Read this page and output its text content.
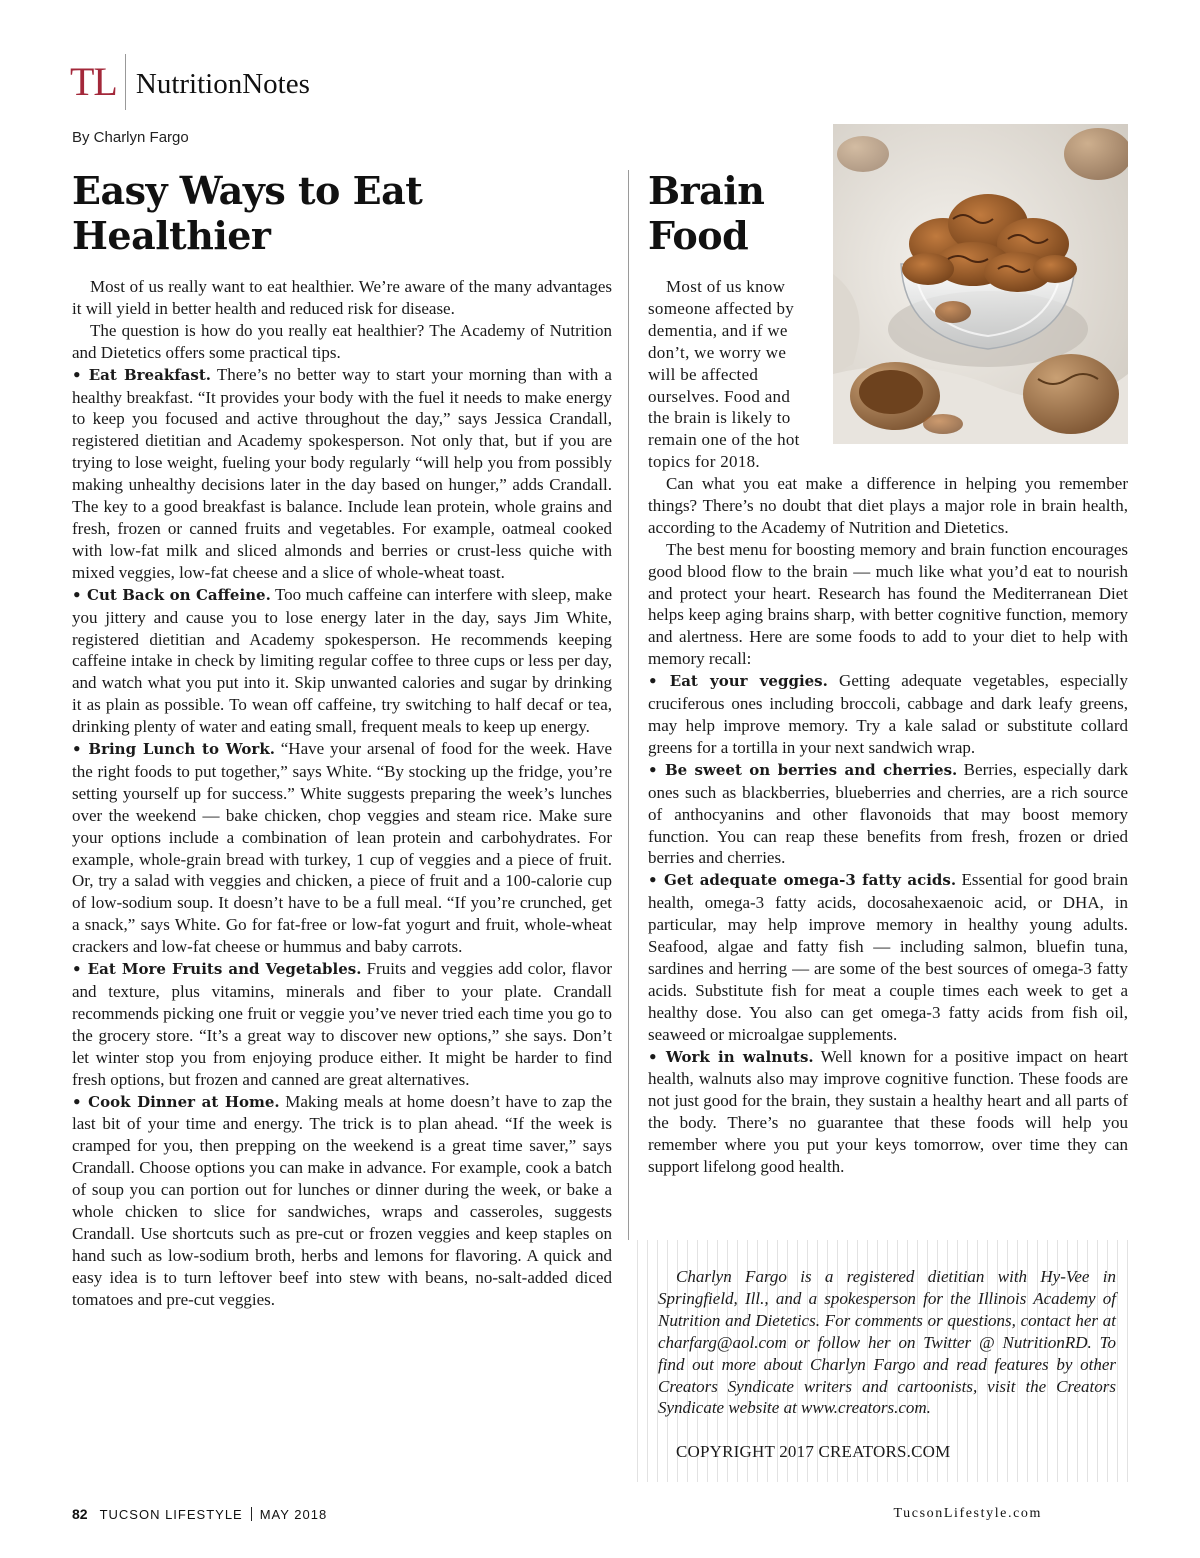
TL NutritionNotes
By Charlyn Fargo
Easy Ways to Eat
Healthier

Most of us really want to eat healthier. We’re aware of the many advantages it will yield in better health and reduced risk for disease.

The question is how do you really eat healthier? The Academy of Nutrition and Dietetics offers some practical tips.

• Eat Breakfast. There’s no better way to start your morning than with a healthy breakfast. “It provides your body with the fuel it needs to make energy to keep you focused and active throughout the day,” says Jessica Crandall, registered dietitian and Academy spokesperson. Not only that, but if you are trying to lose weight, fueling your body regularly “will help you from possibly making unhealthy decisions later in the day based on hunger,” adds Crandall. The key to a good breakfast is balance. Include lean protein, whole grains and fresh, frozen or canned fruits and vegetables. For example, oatmeal cooked with low-fat milk and sliced almonds and berries or crust-less quiche with mixed veggies, low-fat cheese and a slice of whole-wheat toast.

• Cut Back on Caffeine. Too much caffeine can interfere with sleep, make you jittery and cause you to lose energy later in the day, says Jim White, registered dietitian and Academy spokesperson. He recommends keeping caffeine intake in check by limiting regular coffee to three cups or less per day, and watch what you put into it. Skip unwanted calories and sugar by drinking it as plain as possible. To wean off caffeine, try switching to half decaf or tea, drinking plenty of water and eating small, frequent meals to keep up energy.

• Bring Lunch to Work. “Have your arsenal of food for the week. Have the right foods to put together,” says White. “By stocking up the fridge, you’re setting yourself up for success.” White suggests preparing the week’s lunches over the weekend — bake chicken, chop veggies and steam rice. Make sure your options include a combination of lean protein and carbohydrates. For example, whole-grain bread with turkey, 1 cup of veggies and a piece of fruit. Or, try a salad with veggies and chicken, a piece of fruit and a 100-calorie cup of low-sodium soup. It doesn’t have to be a full meal. “If you’re crunched, get a snack,” says White. Go for fat-free or low-fat yogurt and fruit, whole-wheat crackers and low-fat cheese or hummus and baby carrots.

• Eat More Fruits and Vegetables. Fruits and veggies add color, flavor and texture, plus vitamins, minerals and fiber to your plate. Crandall recommends picking one fruit or veggie you’ve never tried each time you go to the grocery store. “It’s a great way to discover new options,” she says. Don’t let winter stop you from enjoying produce either. It might be harder to find fresh options, but frozen and canned are great alternatives.

• Cook Dinner at Home. Making meals at home doesn’t have to zap the last bit of your time and energy. The trick is to plan ahead. “If the week is cramped for you, then prepping on the weekend is a great time saver,” says Crandall. Choose options you can make in advance. For example, cook a batch of soup you can portion out for lunches or dinner during the week, or bake a whole chicken to slice for sandwiches, wraps and casseroles, suggests Crandall. Use shortcuts such as pre-cut or frozen veggies and keep staples on hand such as low-sodium broth, herbs and lemons for flavoring. A quick and easy idea is to turn leftover beef into stew with beans, no-salt-added diced tomatoes and pre-cut veggies.

Brain
Food

Most of us know someone affected by dementia, and if we don’t, we worry we will be affected ourselves. Food and the brain is likely to remain one of the hot topics for 2018.

Can what you eat make a difference in helping you remember things? There’s no doubt that diet plays a major role in brain health, according to the Academy of Nutrition and Dietetics.

The best menu for boosting memory and brain function encourages good blood flow to the brain — much like what you’d eat to nourish and protect your heart. Research has found the Mediterranean Diet helps keep aging brains sharp, with better cognitive function, memory and alertness. Here are some foods to add to your diet to help with memory recall:

• Eat your veggies. Getting adequate vegetables, especially cruciferous ones including broccoli, cabbage and dark leafy greens, may help improve memory. Try a kale salad or substitute collard greens for a tortilla in your next sandwich wrap.

• Be sweet on berries and cherries. Berries, especially dark ones such as blackberries, blueberries and cherries, are a rich source of anthocyanins and other flavonoids that may boost memory function. You can reap these benefits from fresh, frozen or dried berries and cherries.

• Get adequate omega-3 fatty acids. Essential for good brain health, omega-3 fatty acids, docosahexaenoic acid, or DHA, in particular, may help improve memory in healthy young adults. Seafood, algae and fatty fish — including salmon, bluefin tuna, sardines and herring — are some of the best sources of omega-3 fatty acids. Substitute fish for meat a couple times each week to get a healthy dose. You also can get omega-3 fatty acids from fish oil, seaweed or microalgae supplements.

• Work in walnuts. Well known for a positive impact on heart health, walnuts also may improve cognitive function. These foods are not just good for the brain, they sustain a healthy heart and all parts of the body. There’s no guarantee that these foods will help you remember where you put your keys tomorrow, over time they can support lifelong good health.

Charlyn Fargo is a registered dietitian with Hy-Vee in Springfield, Ill., and a spokesperson for the Illinois Academy of Nutrition and Dietetics. For comments or questions, contact her at charfarg@aol.com or follow her on Twitter @ NutritionRD. To find out more about Charlyn Fargo and read features by other Creators Syndicate writers and cartoonists, visit the Creators Syndicate website at www.creators.com.

COPYRIGHT 2017 CREATORS.COM
82 TUCSON LIFESTYLE MAY 2018	TucsonLifestyle.com
